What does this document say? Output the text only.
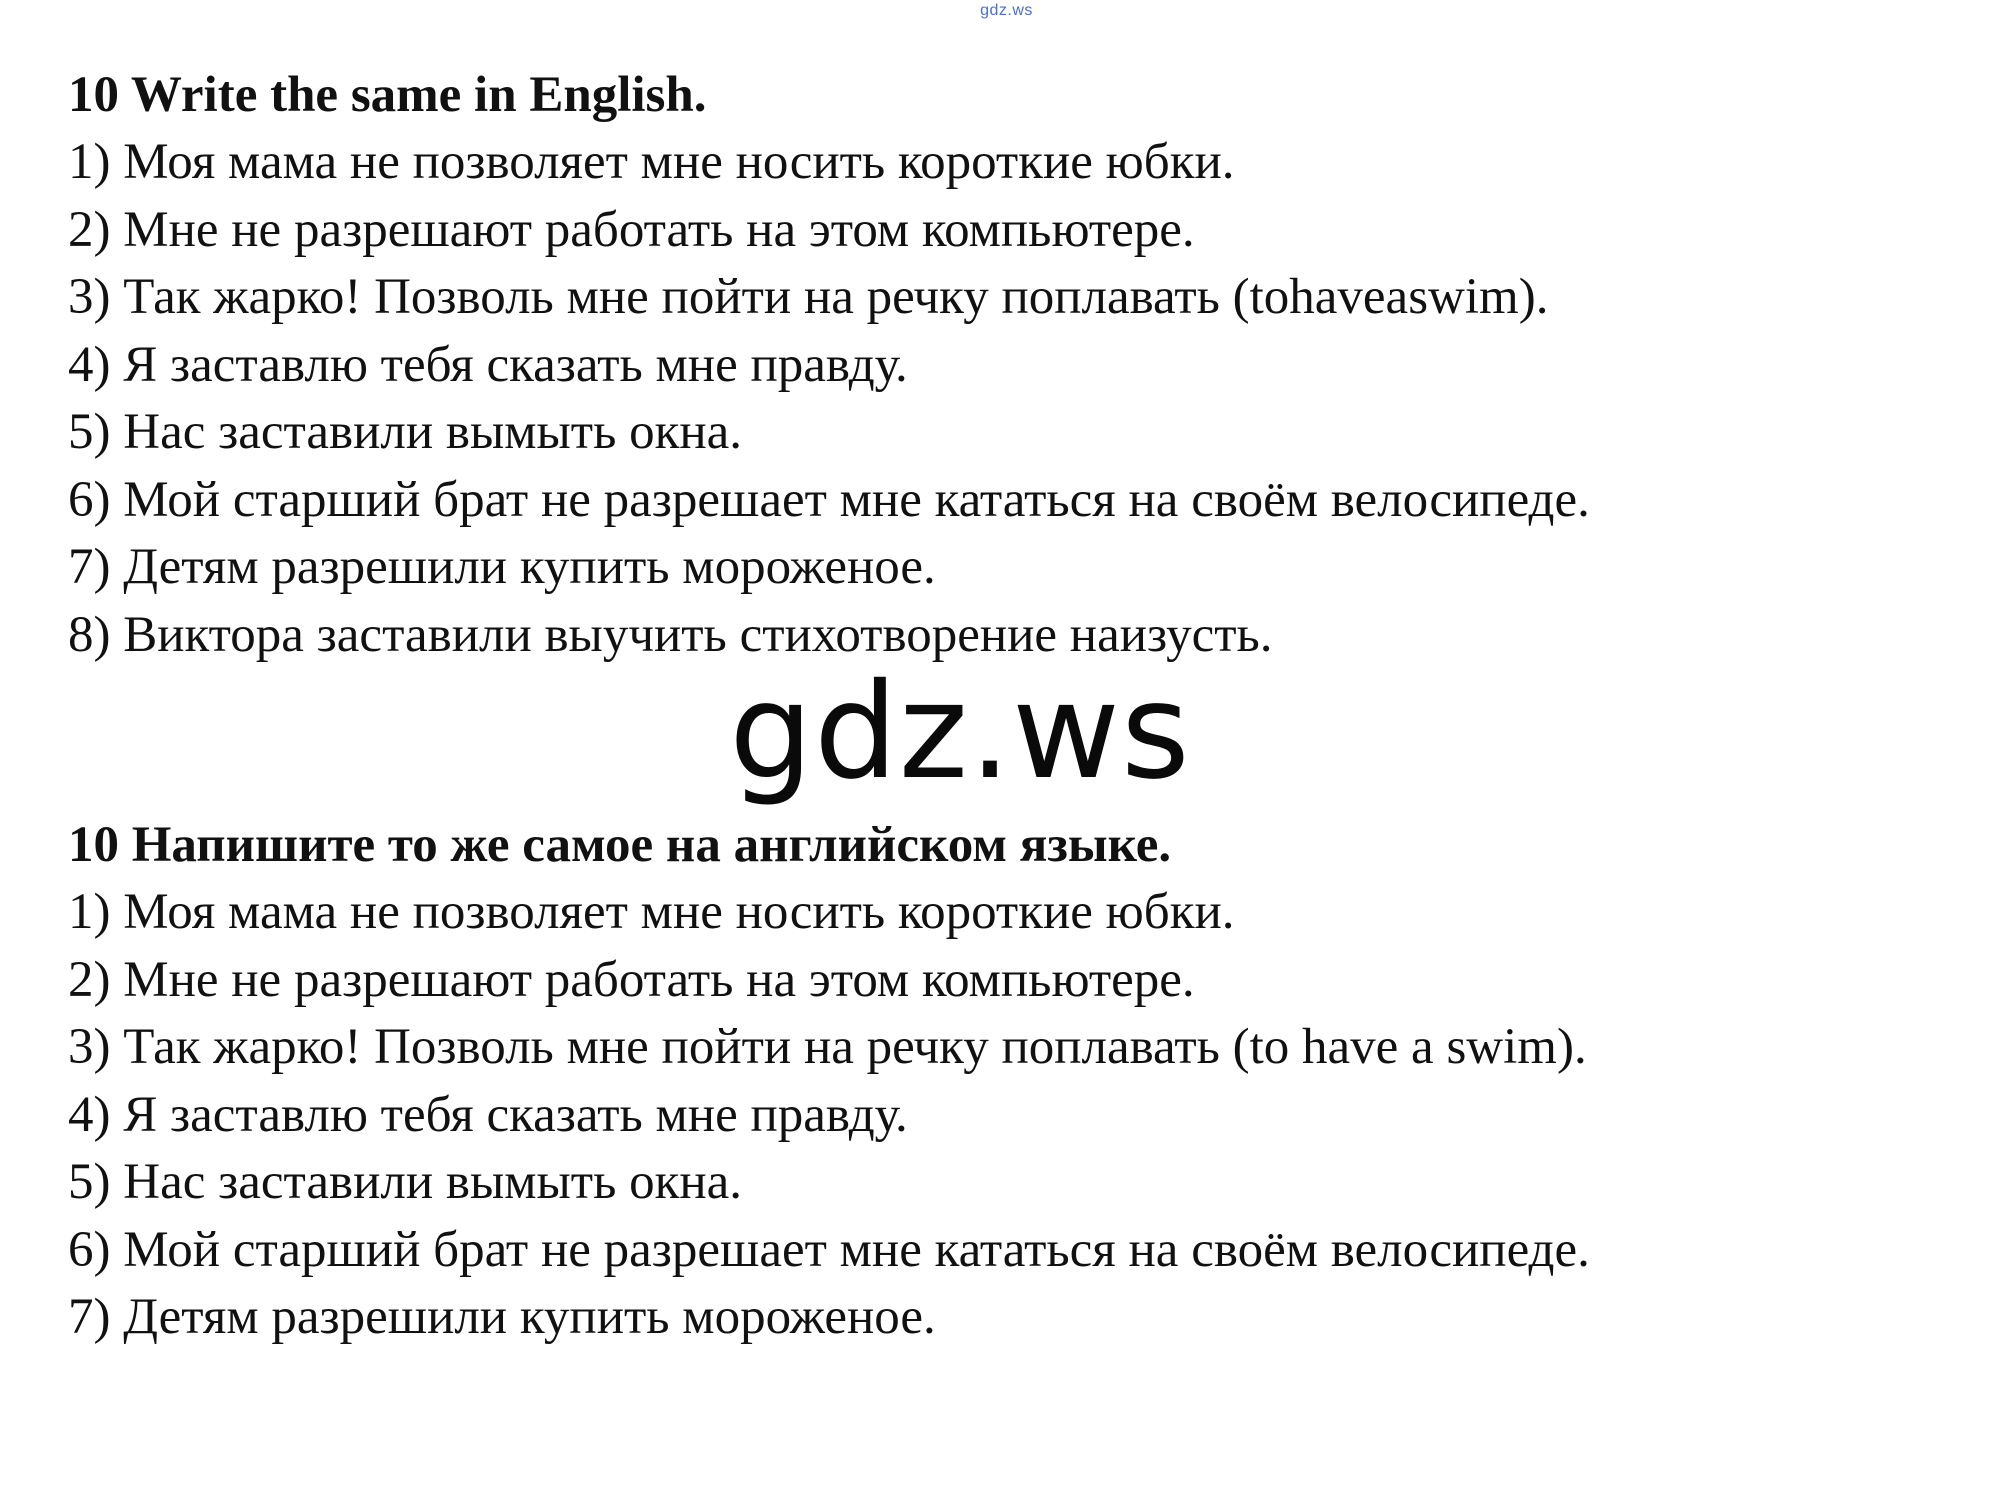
gdz.ws
10 Write the same in English.
1) Моя мама не позволяет мне носить короткие юбки.
2) Мне не разрешают работать на этом компьютере.
3) Так жарко! Позволь мне пойти на речку поплавать (tohaveaswim).
4) Я заставлю тебя сказать мне правду.
5) Нас заставили вымыть окна.
6) Мой старший брат не разрешает мне кататься на своём велосипеде.
7) Детям разрешили купить мороженое.
8) Виктора заставили выучить стихотворение наизусть.
gdz.ws
10 Напишите то же самое на английском языке.
1) Моя мама не позволяет мне носить короткие юбки.
2) Мне не разрешают работать на этом компьютере.
3) Так жарко! Позволь мне пойти на речку поплавать (to have a swim).
4) Я заставлю тебя сказать мне правду.
5) Нас заставили вымыть окна.
6) Мой старший брат не разрешает мне кататься на своём велосипеде.
7) Детям разрешили купить мороженое.
